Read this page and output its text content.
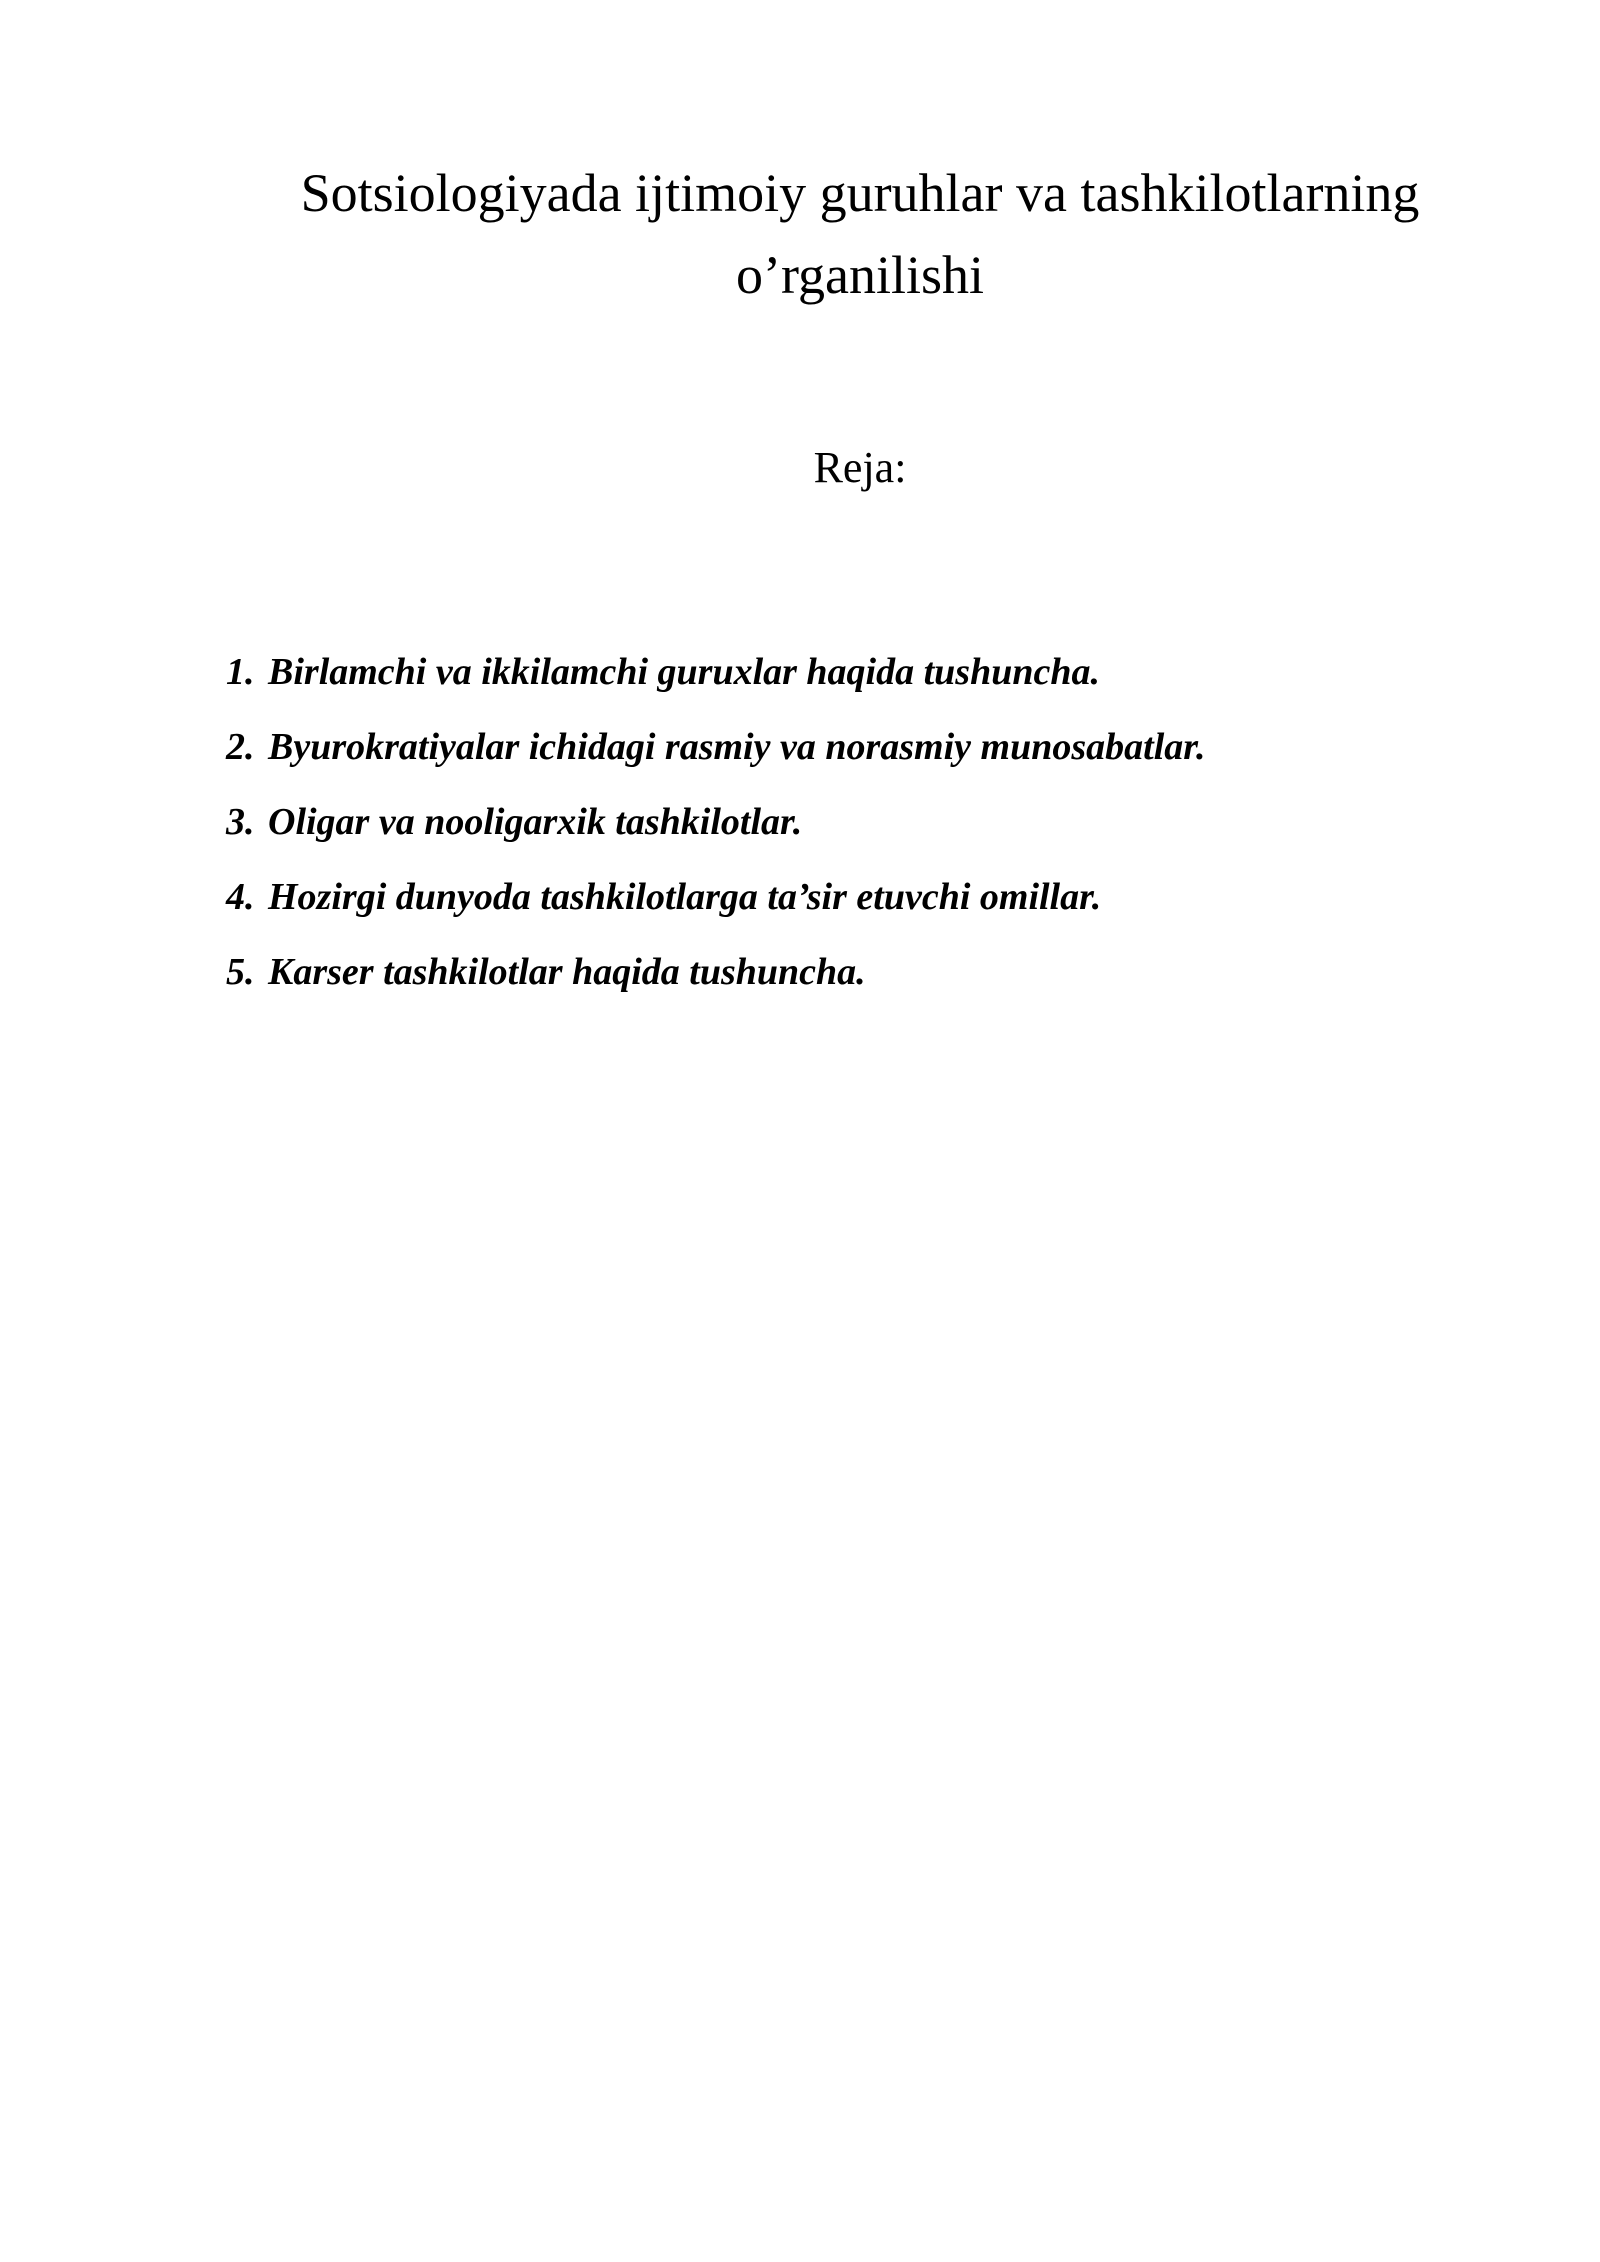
Sotsiologiyada ijtimoiy guruhlar va tashkilotlarning o’rganilishi

Reja:

1. Birlamchi va ikkilamchi guruxlar haqida tushuncha.
2. Byurokratiyalar ichidagi rasmiy va norasmiy munosabatlar.
3. Oligar va nooligarxik tashkilotlar.
4. Hozirgi dunyoda tashkilotlarga ta’sir etuvchi omillar.
5. Karser tashkilotlar haqida tushuncha.
